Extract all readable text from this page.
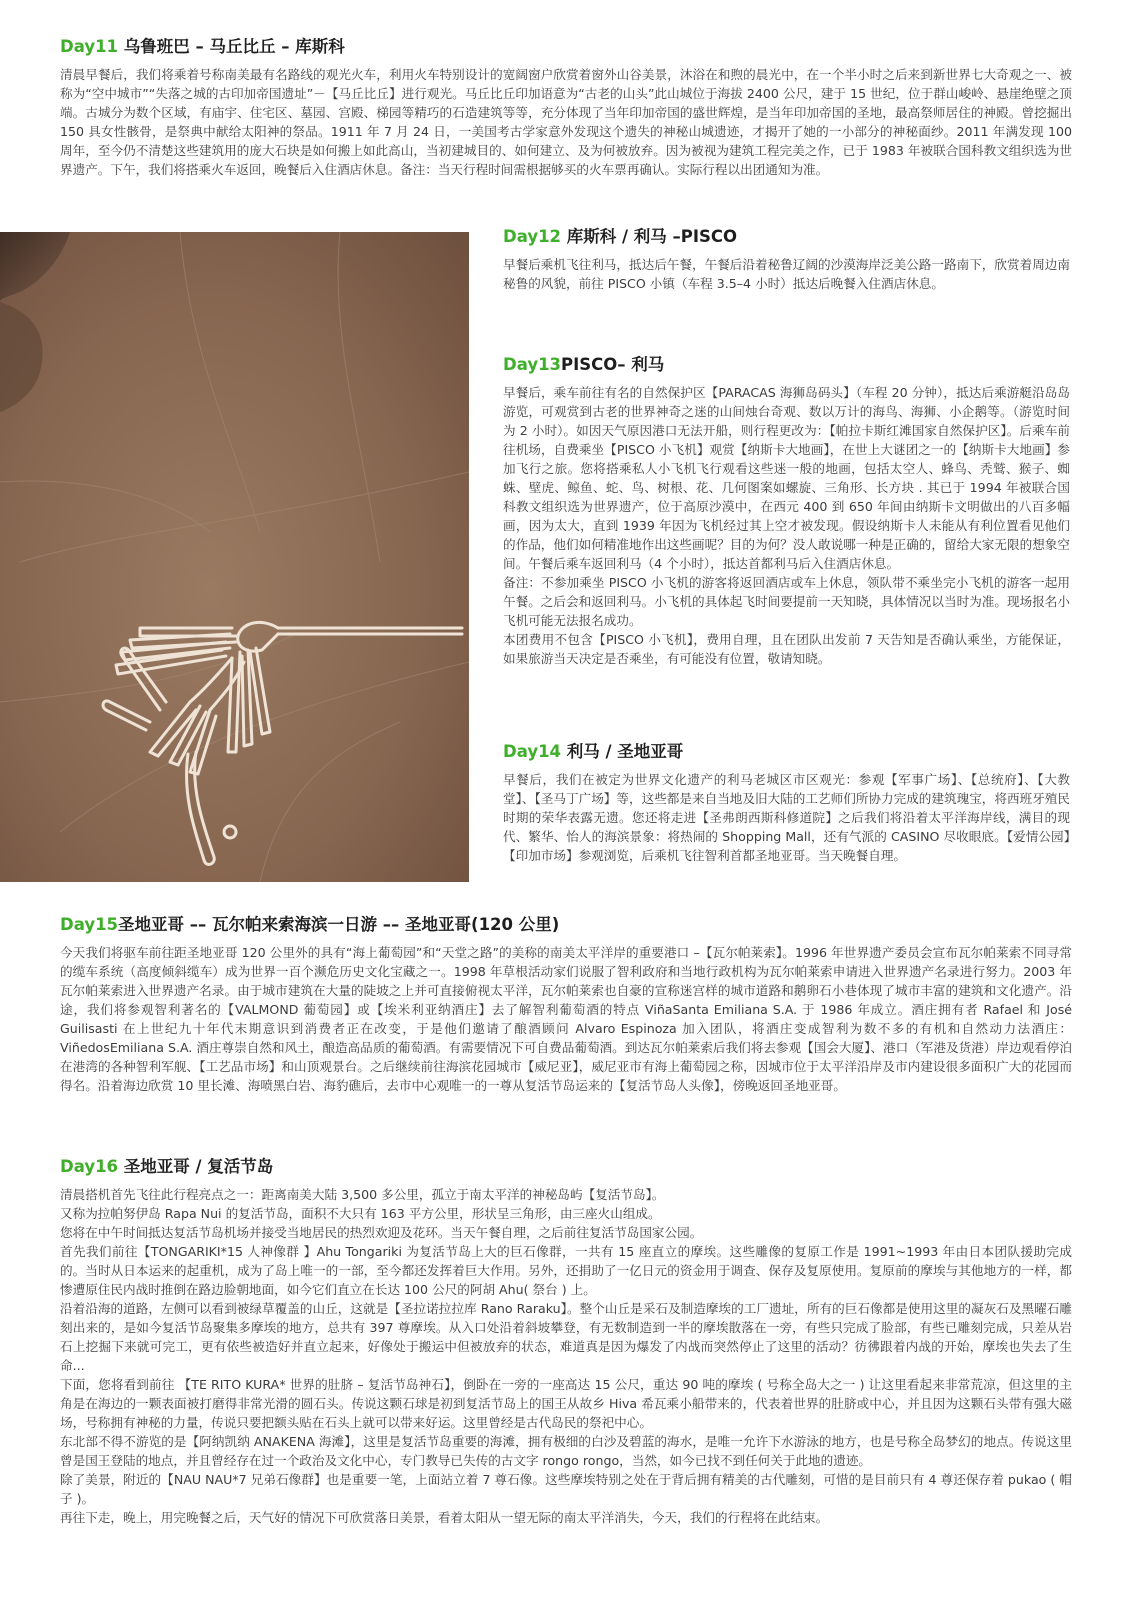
Day11 乌鲁班巴 – 马丘比丘 – 库斯科

清晨早餐后，我们将乘着号称南美最有名路线的观光火车，利用火车特别设计的宽阔窗户欣赏着窗外山谷美景，沐浴在和煦的晨光中，在一个半小时之后来到新世界七大奇观之一、被称为“空中城市”“失落之城的古印加帝国遗址”－【马丘比丘】进行观光。马丘比丘印加语意为“古老的山头”此山城位于海拔 2400 公尺，建于 15 世纪，位于群山峻岭、悬崖绝壁之顶端。古城分为数个区域，有庙宇、住宅区、墓园、宫殿、梯园等精巧的石造建筑等等，充分体现了当年印加帝国的盛世辉煌，是当年印加帝国的圣地，最高祭师居住的神殿。曾挖掘出 150 具女性骸骨，是祭典中献给太阳神的祭品。1911 年 7 月 24 日，一美国考古学家意外发现这个遗失的神秘山城遗迹，才揭开了她的一小部分的神秘面纱。2011 年满发现 100 周年，至今仍不清楚这些建筑用的庞大石块是如何搬上如此高山，当初建城目的、如何建立、及为何被放弃。因为被视为建筑工程完美之作，已于 1983 年被联合国科教文组织选为世界遗产。下午，我们将搭乘火车返回，晚餐后入住酒店休息。备注：当天行程时间需根据够买的火车票再确认。实际行程以出团通知为准。

Day12 库斯科 / 利马 –PISCO

早餐后乘机飞往利马，抵达后午餐，午餐后沿着秘鲁辽阔的沙漠海岸泛美公路一路南下，欣赏着周边南秘鲁的风貌，前往 PISCO 小镇（车程 3.5–4 小时）抵达后晚餐入住酒店休息。

Day13PISCO– 利马

早餐后，乘车前往有名的自然保护区【PARACAS 海狮岛码头】（车程 20 分钟），抵达后乘游艇沿岛岛游览，可观赏到古老的世界神奇之迷的山间烛台奇观、数以万计的海鸟、海狮、小企鹅等。（游览时间为 2 小时）。如因天气原因港口无法开船，则行程更改为：【帕拉卡斯红滩国家自然保护区】。后乘车前往机场，自费乘坐【PISCO 小飞机】观赏【纳斯卡大地画】，在世上大谜团之一的【纳斯卡大地画】参加飞行之旅。您将搭乘私人小飞机飞行观看这些迷一般的地画，包括太空人、蜂鸟、秃鹫、猴子、蜘蛛、壁虎、鲸鱼、蛇、鸟、树根、花、几何图案如螺旋、三角形、长方块 . 其已于 1994 年被联合国科教文组织选为世界遗产，位于高原沙漠中，在西元 400 到 650 年间由纳斯卡文明做出的八百多幅画，因为太大，直到 1939 年因为飞机经过其上空才被发现。假设纳斯卡人未能从有利位置看见他们的作品，他们如何精准地作出这些画呢？目的为何？没人敢说哪一种是正确的，留给大家无限的想象空间。午餐后乘车返回利马（4 个小时），抵达首都利马后入住酒店休息。

备注：不参加乘坐 PISCO 小飞机的游客将返回酒店或车上休息，领队带不乘坐完小飞机的游客一起用午餐。之后会和返回利马。小飞机的具体起飞时间要提前一天知晓，具体情况以当时为准。现场报名小飞机可能无法报名成功。

本团费用不包含【PISCO 小飞机】，费用自理，且在团队出发前 7 天告知是否确认乘坐，方能保证，如果旅游当天决定是否乘坐，有可能没有位置，敬请知晓。

Day14 利马 / 圣地亚哥

早餐后，我们在被定为世界文化遗产的利马老城区市区观光：参观【军事广场】、【总统府】、【大教堂】、【圣马丁广场】等，这些都是来自当地及旧大陆的工艺师们所协力完成的建筑瑰宝，将西班牙殖民时期的荣华表露无遗。您还将走进【圣弗朗西斯科修道院】之后我们将沿着太平洋海岸线，满目的现代、繁华、怡人的海滨景象：将热闹的 Shopping Mall，还有气派的 CASINO 尽收眼底。【爱情公园】【印加市场】参观浏览，后乘机飞往智利首都圣地亚哥。当天晚餐自理。

Day15圣地亚哥 –– 瓦尔帕来索海滨一日游 –– 圣地亚哥(120 公里)

今天我们将驱车前往距圣地亚哥 120 公里外的具有“海上葡萄园”和“天堂之路”的美称的南美太平洋岸的重要港口 –【瓦尔帕莱索】。1996 年世界遗产委员会宣布瓦尔帕莱索不同寻常的缆车系统（高度倾斜缆车）成为世界一百个濒危历史文化宝藏之一。1998 年草根活动家们说服了智利政府和当地行政机构为瓦尔帕莱索申请进入世界遗产名录进行努力。2003 年瓦尔帕莱索进入世界遗产名录。由于城市建筑在大量的陡坡之上并可直接俯视太平洋，瓦尔帕莱索也自豪的宣称迷宫样的城市道路和鹅卵石小巷体现了城市丰富的建筑和文化遗产。沿途，我们将参观智利著名的【VALMOND 葡萄园】或【埃米利亚纳酒庄】去了解智利葡萄酒的特点 ViñaSanta Emiliana S.A. 于 1986 年成立。酒庄拥有者 Rafael 和 José Guilisasti 在上世纪九十年代末期意识到消费者正在改变，于是他们邀请了酿酒顾问 Alvaro Espinoza 加入团队，将酒庄变成智利为数不多的有机和自然动力法酒庄：ViñedosEmiliana S.A. 酒庄尊崇自然和风土，酿造高品质的葡萄酒。有需要情况下可自费品葡萄酒。到达瓦尔帕莱索后我们将去参观【国会大厦】、港口（军港及货港）岸边观看停泊在港湾的各种智利军舰、【工艺品市场】和山顶观景台。之后继续前往海滨花园城市【威尼亚】，威尼亚市有海上葡萄园之称，因城市位于太平洋沿岸及市内建设很多面积广大的花园而得名。沿着海边欣赏 10 里长滩、海喷黑白岩、海豹礁后，去市中心观唯一的一尊从复活节岛运来的【复活节岛人头像】，傍晚返回圣地亚哥。

Day16 圣地亚哥 / 复活节岛

清晨搭机首先飞往此行程亮点之一：距离南美大陆 3,500 多公里，孤立于南太平洋的神秘岛屿【复活节岛】。

又称为拉帕努伊岛 Rapa Nui 的复活节岛，面积不大只有 163 平方公里，形状呈三角形，由三座火山组成。

您将在中午时间抵达复活节岛机场并接受当地居民的热烈欢迎及花环。当天午餐自理，之后前往复活节岛国家公园。

首先我们前往【TONGARIKI*15 人神像群 】Ahu Tongariki 为复活节岛上大的巨石像群，一共有 15 座直立的摩埃。这些雕像的复原工作是 1991~1993 年由日本团队援助完成的。当时从日本运来的起重机，成为了岛上唯一的一部，至今都还发挥着巨大作用。另外，还捐助了一亿日元的资金用于调查、保存及复原使用。复原前的摩埃与其他地方的一样，都惨遭原住民内战时推倒在路边脸朝地面，如今它们直立在长达 100 公尺的阿胡 Ahu( 祭台 ) 上。

沿着沿海的道路，左侧可以看到被绿草覆盖的山丘，这就是【圣拉诺拉拉库 Rano Raraku】。整个山丘是采石及制造摩埃的工厂遗址，所有的巨石像都是使用这里的凝灰石及黑曜石雕刻出来的，是如今复活节岛聚集多摩埃的地方，总共有 397 尊摩埃。从入口处沿着斜坡攀登，有无数制造到一半的摩埃散落在一旁，有些只完成了脸部，有些已雕刻完成，只差从岩石上挖掘下来就可完工，更有依些被造好并直立起来，好像处于搬运中但被放弃的状态，难道真是因为爆发了内战而突然停止了这里的活动？彷彿跟着内战的开始，摩埃也失去了生命...

下面，您将看到前往 【TE RITO KURA* 世界的肚脐 – 复活节岛神石】，倒卧在一旁的一座高达 15 公尺，重达 90 吨的摩埃 ( 号称全岛大之一 ) 让这里看起来非常荒凉，但这里的主角是在海边的一颗表面被打磨得非常光滑的圆石头。传说这颗石球是初到复活节岛上的国王从故乡 Hiva 希瓦乘小船带来的，代表着世界的肚脐或中心，并且因为这颗石头带有强大磁场，号称拥有神秘的力量，传说只要把额头贴在石头上就可以带来好运。这里曾经是古代岛民的祭祀中心。

东北部不得不游览的是【阿纳凯纳 ANAKENA 海滩】，这里是复活节岛重要的海滩，拥有极细的白沙及碧蓝的海水，是唯一允许下水游泳的地方，也是号称全岛梦幻的地点。传说这里曾是国王登陆的地点，并且曾经存在过一个政治及文化中心，专门教导已失传的古文字 rongo rongo，当然，如今已找不到任何关于此地的遗迹。

除了美景，附近的【NAU NAU*7 兄弟石像群】也是重要一笔，上面站立着 7 尊石像。这些摩埃特别之处在于背后拥有精美的古代雕刻，可惜的是目前只有 4 尊还保存着 pukao ( 帽子 )。

再往下走，晚上，用完晚餐之后，天气好的情况下可欣赏落日美景，看着太阳从一望无际的南太平洋消失，今天，我们的行程将在此结束。
